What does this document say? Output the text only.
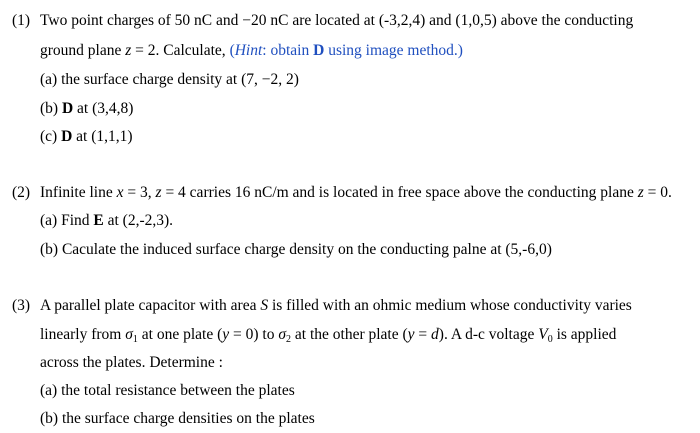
(1) Two point charges of 50 nC and −20 nC are located at (-3,2,4) and (1,0,5) above the conducting
ground plane z = 2. Calculate, (Hint: obtain D using image method.)
(a) the surface charge density at (7, −2, 2)
(b) D at (3,4,8)
(c) D at (1,1,1)
(2) Infinite line x = 3, z = 4 carries 16 nC/m and is located in free space above the conducting plane z = 0.
(a) Find E at (2,-2,3).
(b) Caculate the induced surface charge density on the conducting palne at (5,-6,0)
(3) A parallel plate capacitor with area S is filled with an ohmic medium whose conductivity varies
linearly from $\sigma_1$ at one plate (y = 0) to $\sigma_2$ at the other plate (y = d). A d-c voltage $V_0$ is applied
across the plates. Determine :
(a) the total resistance between the plates
(b) the surface charge densities on the plates
